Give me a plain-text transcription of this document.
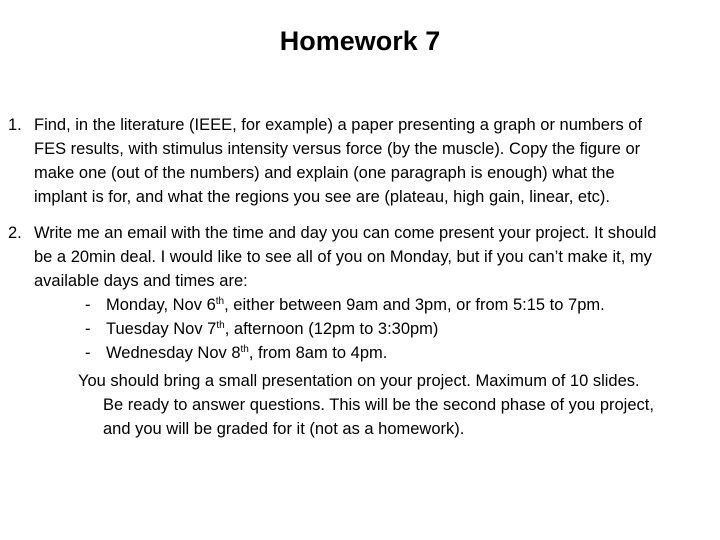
Homework 7
1. Find, in the literature (IEEE, for example) a paper presenting a graph or numbers of
FES results, with stimulus intensity versus force (by the muscle). Copy the figure or
make one (out of the numbers) and explain (one paragraph is enough) what the
implant is for, and what the regions you see are (plateau, high gain, linear, etc).
2. Write me an email with the time and day you can come present your project. It should
be a 20min deal. I would like to see all of you on Monday, but if you can’t make it, my
available days and times are:
- Monday, Nov 6th, either between 9am and 3pm, or from 5:15 to 7pm.
- Tuesday Nov 7th, afternoon (12pm to 3:30pm)
- Wednesday Nov 8th, from 8am to 4pm.
You should bring a small presentation on your project. Maximum of 10 slides.
Be ready to answer questions. This will be the second phase of you project,
and you will be graded for it (not as a homework).
